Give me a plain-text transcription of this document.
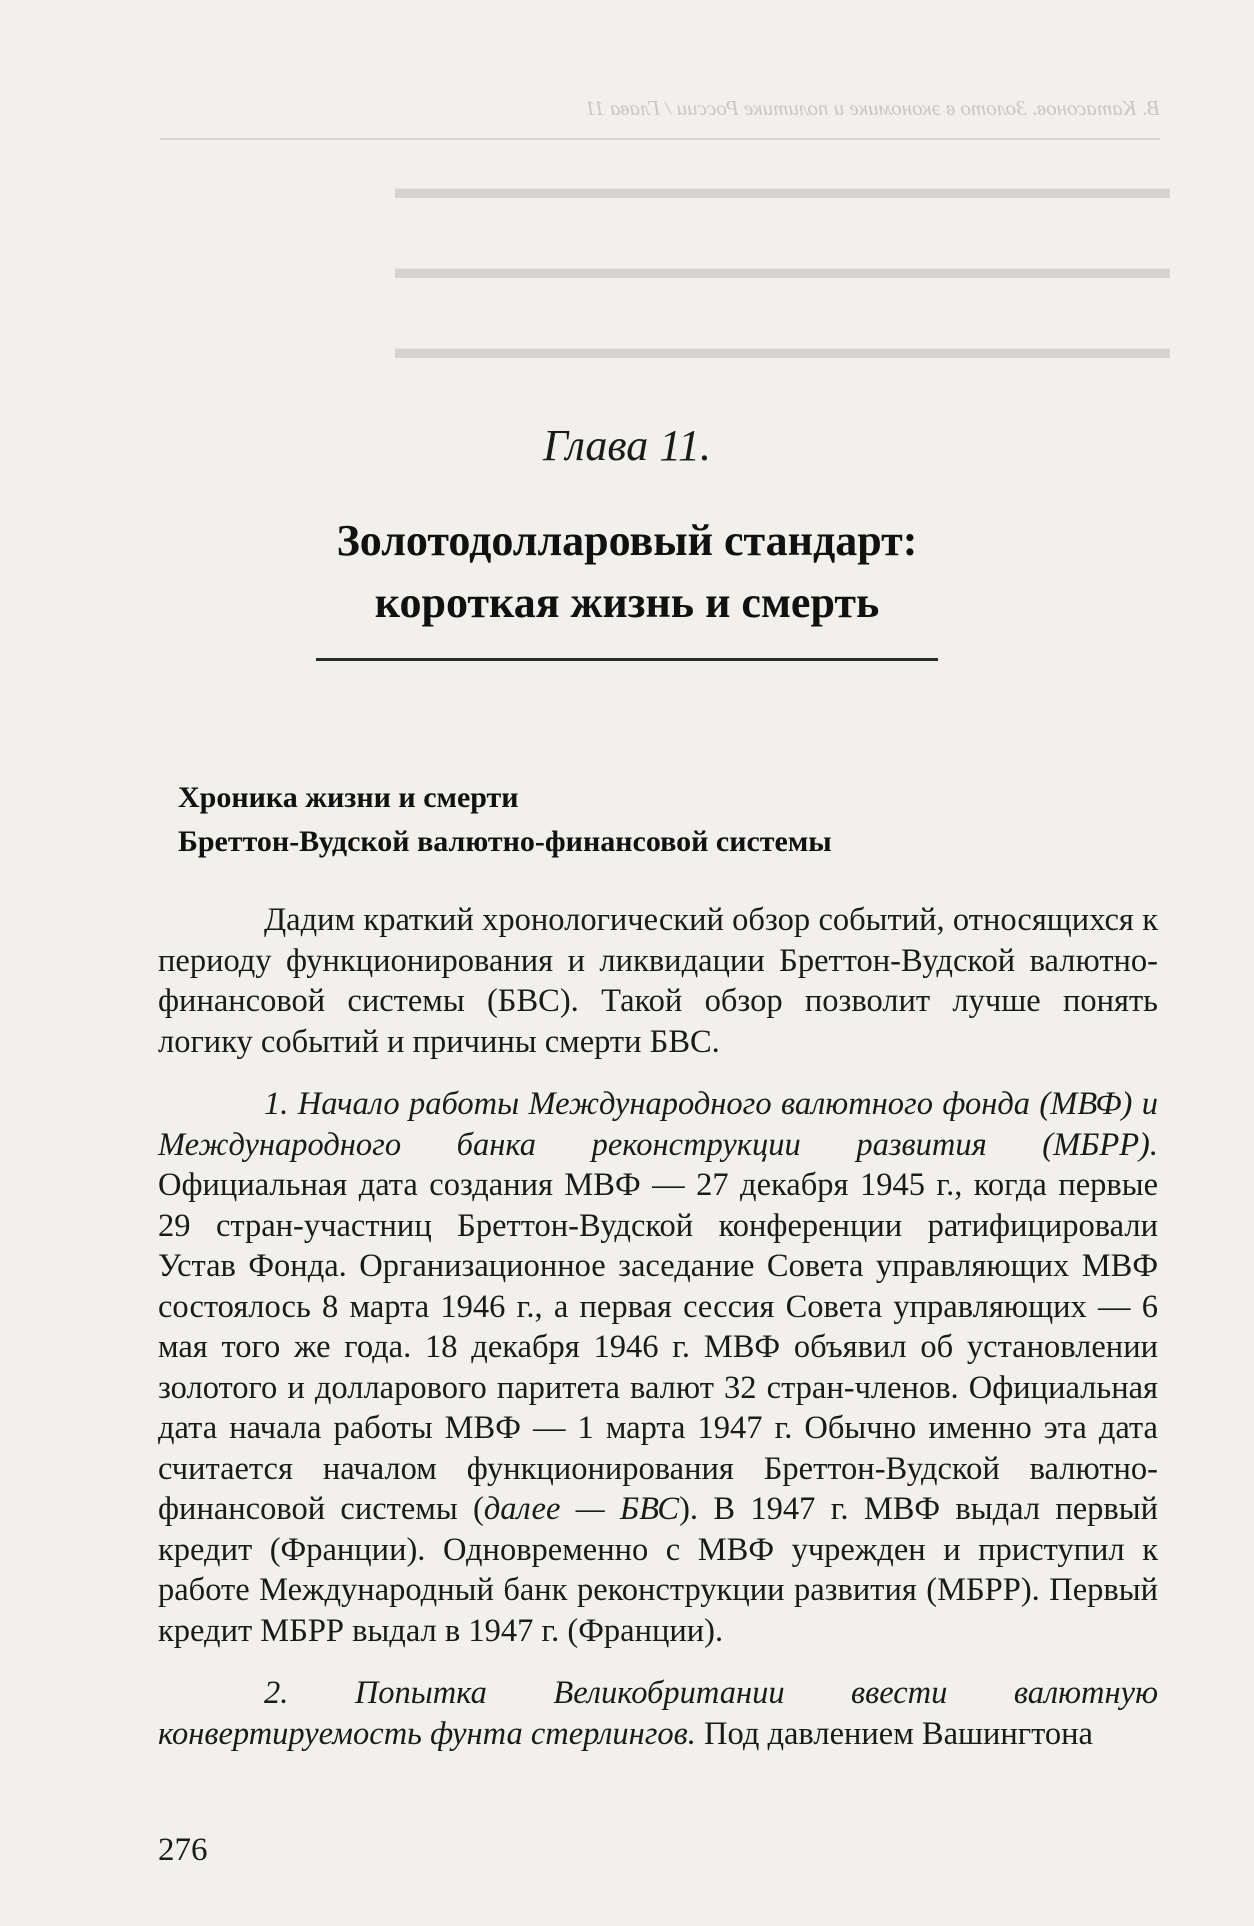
В. Катасонов. Золото в экономике и политике России / Глава 11
▬▬▬▬▬▬▬▬▬▬▬▬▬▬▬▬▬▬▬▬▬▬▬▬▬
▬▬▬▬▬▬▬▬▬▬▬▬▬▬▬▬▬▬▬▬▬▬▬▬▬
▬▬▬▬▬▬▬▬▬▬▬▬▬▬▬▬▬▬▬▬▬▬▬▬▬
Глава 11.
Золотодолларовый стандарт:
короткая жизнь и смерть
Хроника жизни и смерти
Бреттон-Вудской валютно-финансовой системы

Дадим краткий хронологический обзор событий, относящихся к периоду функционирования и ликвидации Бреттон-Вудской валютно-финансовой системы (БВС). Такой обзор позволит лучше понять логику событий и причины смерти БВС.

1. Начало работы Международного валютного фонда (МВФ) и Международного банка реконструкции развития (МБРР). Официальная дата создания МВФ — 27 декабря 1945 г., когда первые 29 стран-участниц Бреттон-Вудской конференции ратифицировали Устав Фонда. Организационное заседание Совета управляющих МВФ состоялось 8 марта 1946 г., а первая сессия Совета управляющих — 6 мая того же года. 18 декабря 1946 г. МВФ объявил об установлении золотого и долларового паритета валют 32 стран-членов. Официальная дата начала работы МВФ — 1 марта 1947 г. Обычно именно эта дата считается началом функционирования Бреттон-Вудской валютно-финансовой системы (далее — БВС). В 1947 г. МВФ выдал первый кредит (Франции). Одновременно с МВФ учрежден и приступил к работе Международный банк реконструкции развития (МБРР). Первый кредит МБРР выдал в 1947 г. (Франции).

2. Попытка Великобритании ввести валютную конвертируемость фунта стерлингов. Под давлением Вашингтона

276
